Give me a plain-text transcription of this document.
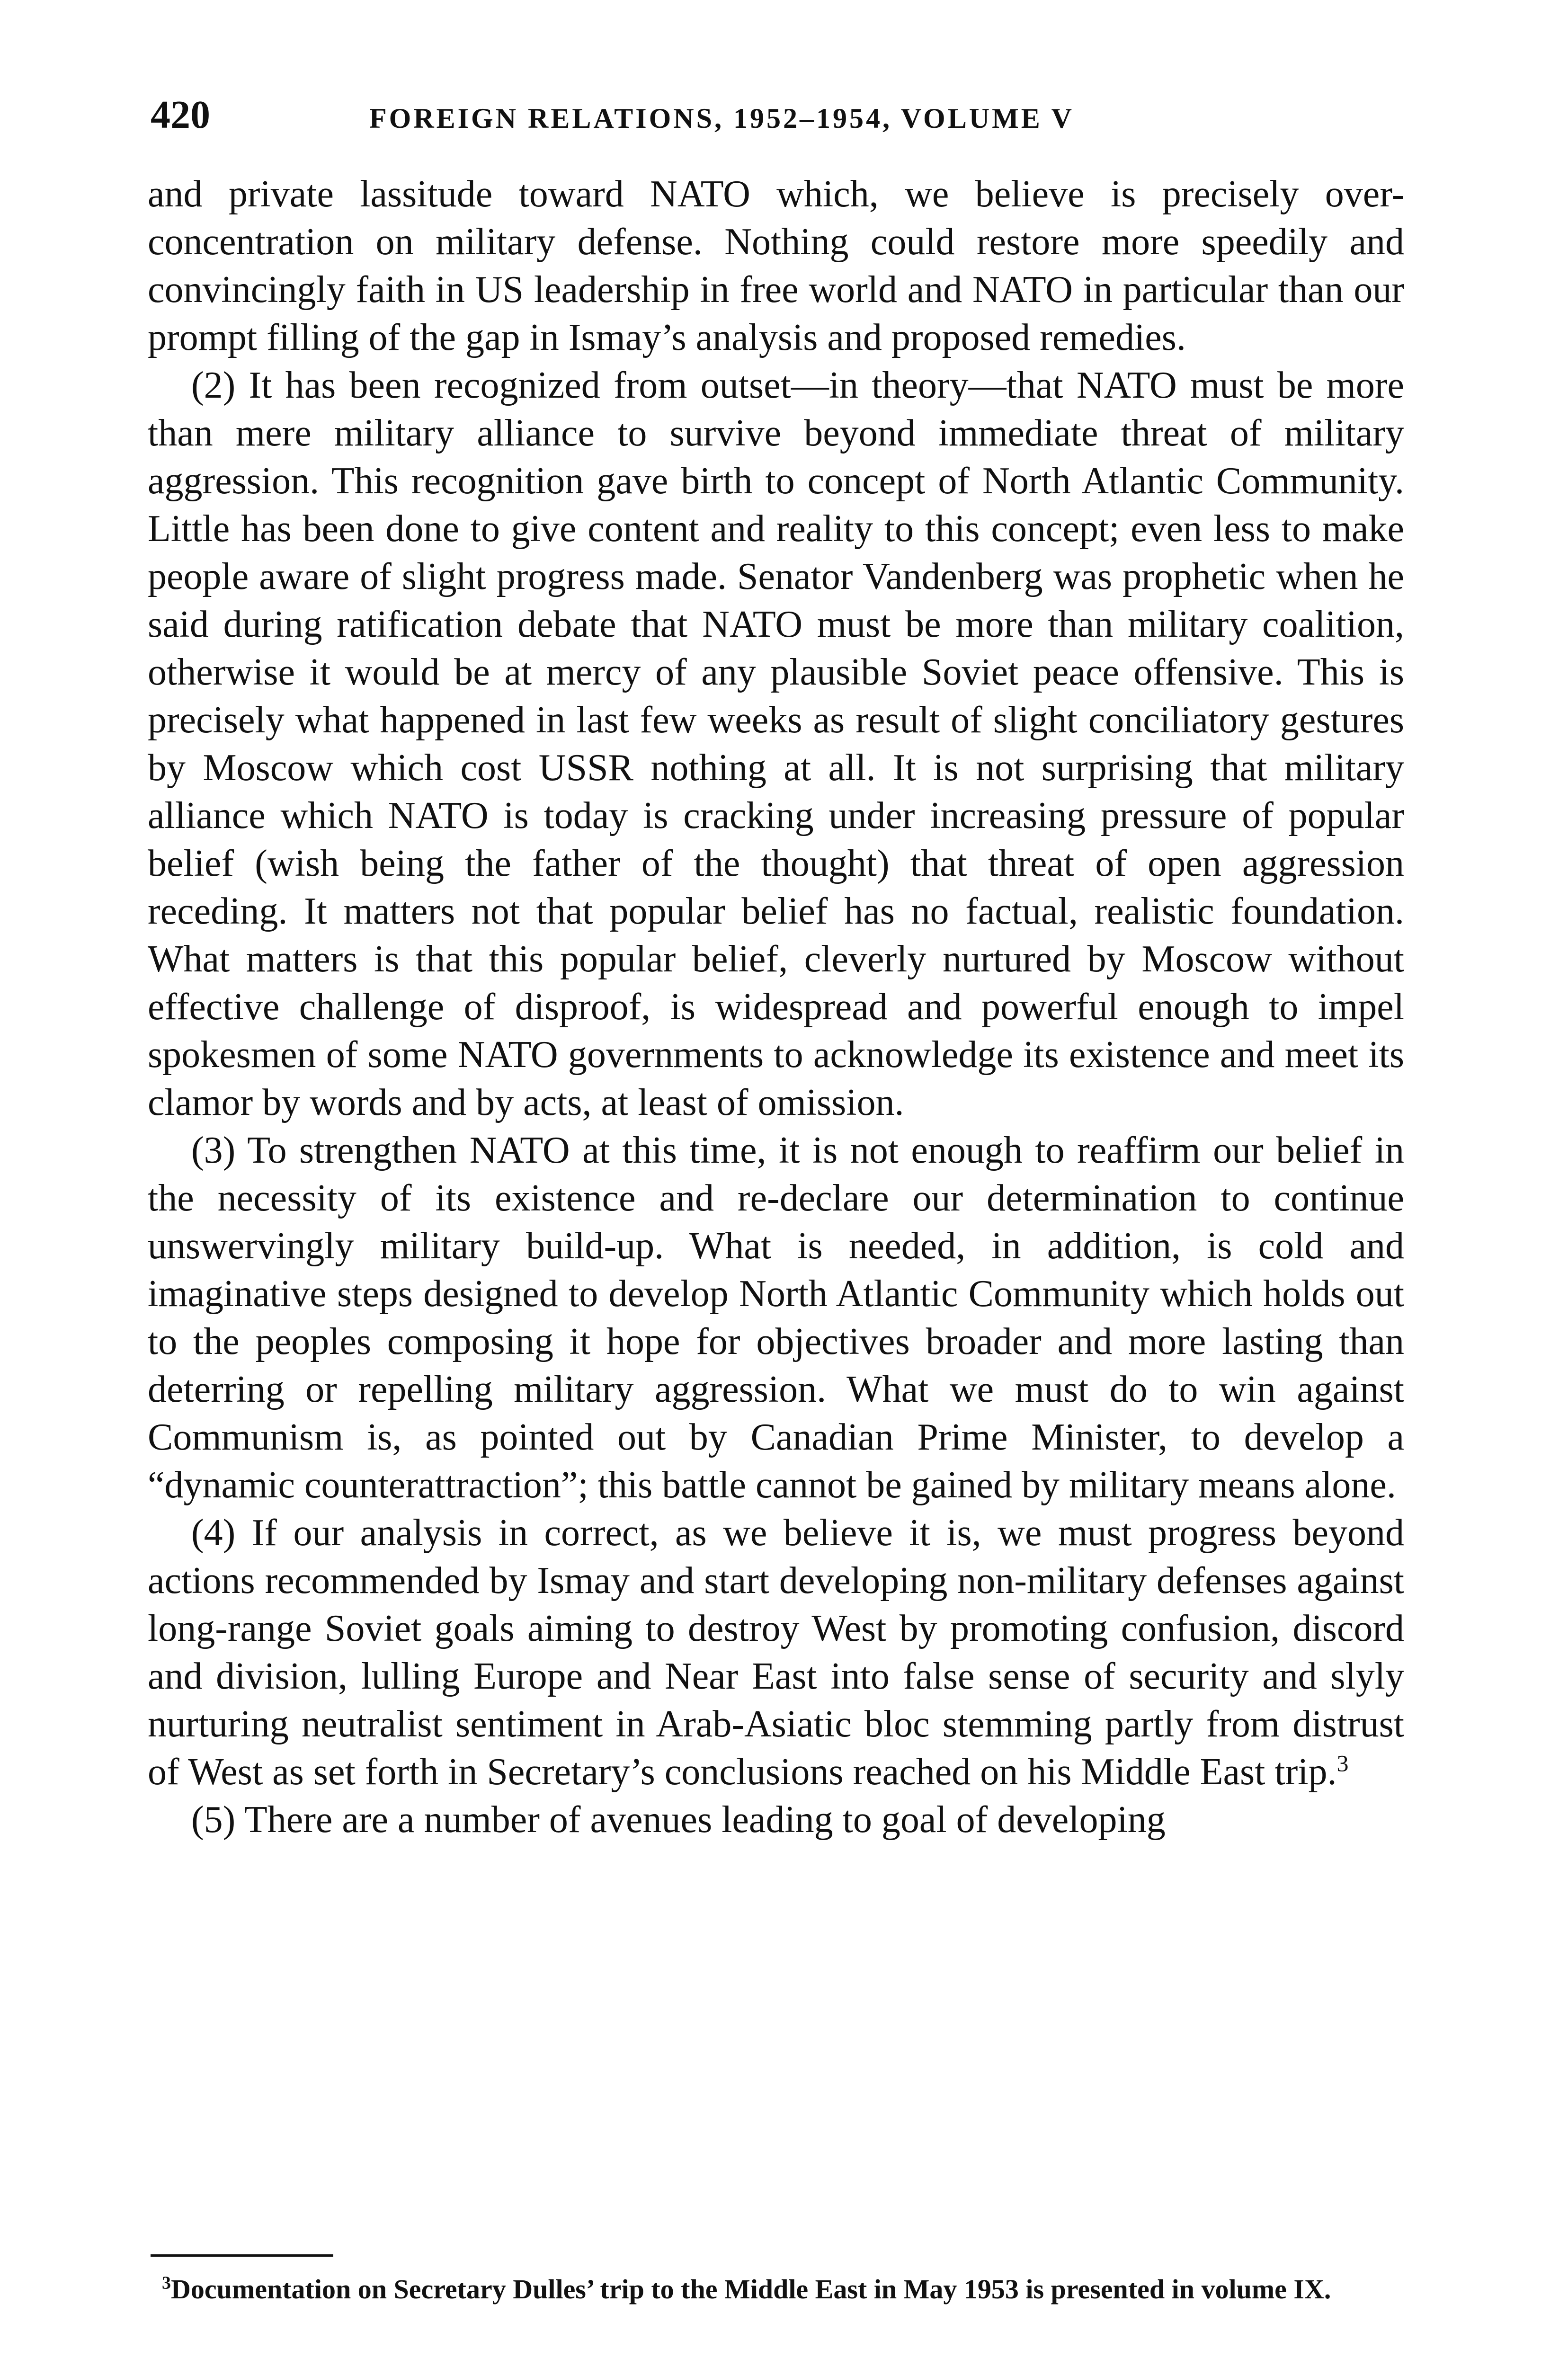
420	FOREIGN RELATIONS, 1952–1954, VOLUME V

and private lassitude toward NATO which, we believe is precisely over-concentration on military defense. Nothing could restore more speedily and convincingly faith in US leadership in free world and NATO in particular than our prompt filling of the gap in Ismay’s analysis and proposed remedies.

(2) It has been recognized from outset—in theory—that NATO must be more than mere military alliance to survive beyond immediate threat of military aggression. This recognition gave birth to concept of North Atlantic Community. Little has been done to give content and reality to this concept; even less to make people aware of slight progress made. Senator Vandenberg was prophetic when he said during ratification debate that NATO must be more than military coalition, otherwise it would be at mercy of any plausible Soviet peace offensive. This is precisely what happened in last few weeks as result of slight conciliatory gestures by Moscow which cost USSR nothing at all. It is not surprising that military alliance which NATO is today is cracking under increasing pressure of popular belief (wish being the father of the thought) that threat of open aggression receding. It matters not that popular belief has no factual, realistic foundation. What matters is that this popular belief, cleverly nurtured by Moscow without effective challenge of disproof, is widespread and powerful enough to impel spokesmen of some NATO governments to acknowledge its existence and meet its clamor by words and by acts, at least of omission.

(3) To strengthen NATO at this time, it is not enough to reaffirm our belief in the necessity of its existence and re-declare our determination to continue unswervingly military build-up. What is needed, in addition, is cold and imaginative steps designed to develop North Atlantic Community which holds out to the peoples composing it hope for objectives broader and more lasting than deterring or repelling military aggression. What we must do to win against Communism is, as pointed out by Canadian Prime Minister, to develop a “dynamic counterattraction”; this battle cannot be gained by military means alone.

(4) If our analysis in correct, as we believe it is, we must progress beyond actions recommended by Ismay and start developing non-military defenses against long-range Soviet goals aiming to destroy West by promoting confusion, discord and division, lulling Europe and Near East into false sense of security and slyly nurturing neutralist sentiment in Arab-Asiatic bloc stemming partly from distrust of West as set forth in Secretary’s conclusions reached on his Middle East trip.$^3$

(5) There are a number of avenues leading to goal of developing

$^3$Documentation on Secretary Dulles’ trip to the Middle East in May 1953 is presented in volume IX.
